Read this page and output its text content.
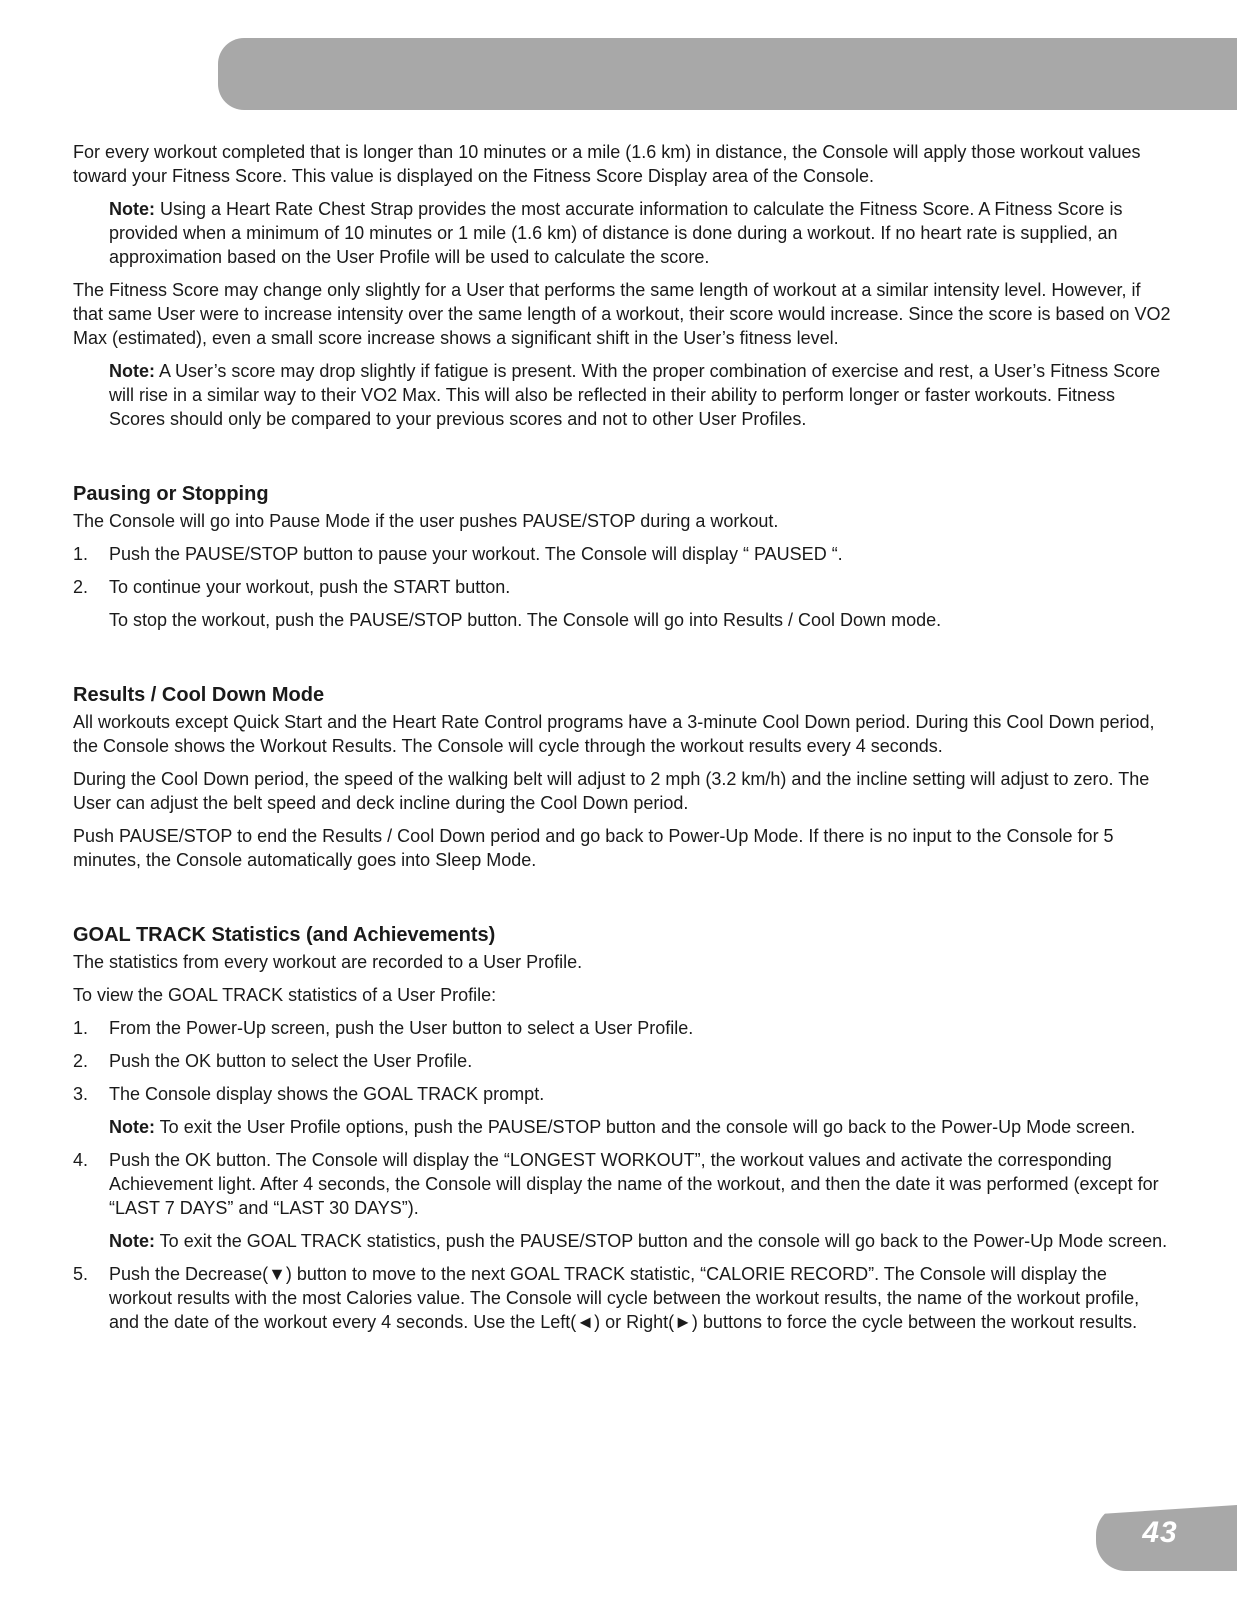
For every workout completed that is longer than 10 minutes or a mile (1.6 km) in distance, the Console will apply those workout values toward your Fitness Score. This value is displayed on the Fitness Score Display area of the Console.

Note: Using a Heart Rate Chest Strap provides the most accurate information to calculate the Fitness Score. A Fitness Score is provided when a minimum of 10 minutes or 1 mile (1.6 km) of distance is done during a workout. If no heart rate is supplied, an approximation based on the User Profile will be used to calculate the score.

The Fitness Score may change only slightly for a User that performs the same length of workout at a similar intensity level. However, if that same User were to increase intensity over the same length of a workout, their score would increase. Since the score is based on VO2 Max (estimated), even a small score increase shows a significant shift in the User’s fitness level.

Note: A User’s score may drop slightly if fatigue is present. With the proper combination of exercise and rest, a User’s Fitness Score will rise in a similar way to their VO2 Max. This will also be reflected in their ability to perform longer or faster workouts. Fitness Scores should only be compared to your previous scores and not to other User Profiles.

Pausing or Stopping

The Console will go into Pause Mode if the user pushes PAUSE/STOP during a workout.

1.	Push the PAUSE/STOP button to pause your workout. The Console will display “ PAUSED “.
2.	To continue your workout, push the START button.

To stop the workout, push the PAUSE/STOP button. The Console will go into Results / Cool Down mode.

Results / Cool Down Mode

All workouts except Quick Start and the Heart Rate Control programs have a 3-minute Cool Down period. During this Cool Down period, the Console shows the Workout Results. The Console will cycle through the workout results every 4 seconds.

During the Cool Down period, the speed of the walking belt will adjust to 2 mph (3.2 km/h) and the incline setting will adjust to zero. The User can adjust the belt speed and deck incline during the Cool Down period.

Push PAUSE/STOP to end the Results / Cool Down period and go back to Power-Up Mode. If there is no input to the Console for 5 minutes, the Console automatically goes into Sleep Mode.

GOAL TRACK Statistics (and Achievements)

The statistics from every workout are recorded to a User Profile.

To view the GOAL TRACK statistics of a User Profile:

1.	From the Power-Up screen, push the User button to select a User Profile.
2.	Push the OK button to select the User Profile.
3.	The Console display shows the GOAL TRACK prompt.

Note: To exit the User Profile options, push the PAUSE/STOP button and the console will go back to the Power-Up Mode screen.

4.	Push the OK button. The Console will display the “LONGEST WORKOUT”, the workout values and activate the corresponding Achievement light. After 4 seconds, the Console will display the name of the workout, and then the date it was performed (except for “LAST 7 DAYS” and “LAST 30 DAYS”).

Note: To exit the GOAL TRACK statistics, push the PAUSE/STOP button and the console will go back to the Power-Up Mode screen.

5.	Push the Decrease(▼) button to move to the next GOAL TRACK statistic, “CALORIE RECORD”. The Console will display the workout results with the most Calories value. The Console will cycle between the workout results, the name of the workout profile, and the date of the workout every 4 seconds. Use the Left(◄) or Right(►) buttons to force the cycle between the workout results.
43
